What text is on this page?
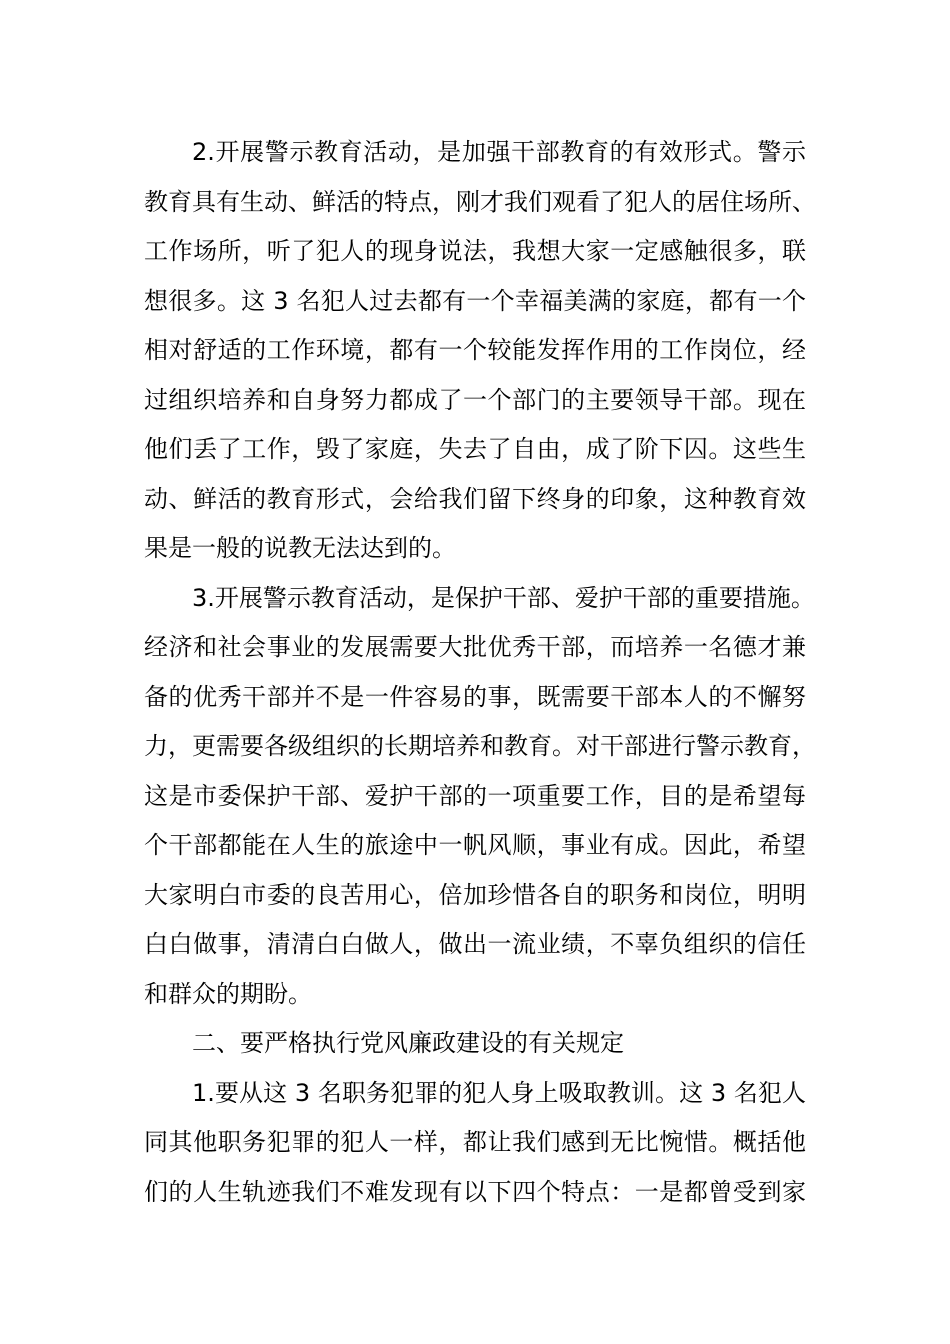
2.开展警示教育活动，是加强干部教育的有效形式。警示
教育具有生动、鲜活的特点，刚才我们观看了犯人的居住场所、
工作场所，听了犯人的现身说法，我想大家一定感触很多，联
想很多。这 3 名犯人过去都有一个幸福美满的家庭，都有一个
相对舒适的工作环境，都有一个较能发挥作用的工作岗位，经
过组织培养和自身努力都成了一个部门的主要领导干部。现在
他们丢了工作，毁了家庭，失去了自由，成了阶下囚。这些生
动、鲜活的教育形式，会给我们留下终身的印象，这种教育效
果是一般的说教无法达到的。
3.开展警示教育活动，是保护干部、爱护干部的重要措施。
经济和社会事业的发展需要大批优秀干部，而培养一名德才兼
备的优秀干部并不是一件容易的事，既需要干部本人的不懈努
力，更需要各级组织的长期培养和教育。对干部进行警示教育，
这是市委保护干部、爱护干部的一项重要工作，目的是希望每
个干部都能在人生的旅途中一帆风顺，事业有成。因此，希望
大家明白市委的良苦用心，倍加珍惜各自的职务和岗位，明明
白白做事，清清白白做人，做出一流业绩，不辜负组织的信任
和群众的期盼。
二、要严格执行党风廉政建设的有关规定
1.要从这 3 名职务犯罪的犯人身上吸取教训。这 3 名犯人
同其他职务犯罪的犯人一样，都让我们感到无比惋惜。概括他
们的人生轨迹我们不难发现有以下四个特点：一是都曾受到家
